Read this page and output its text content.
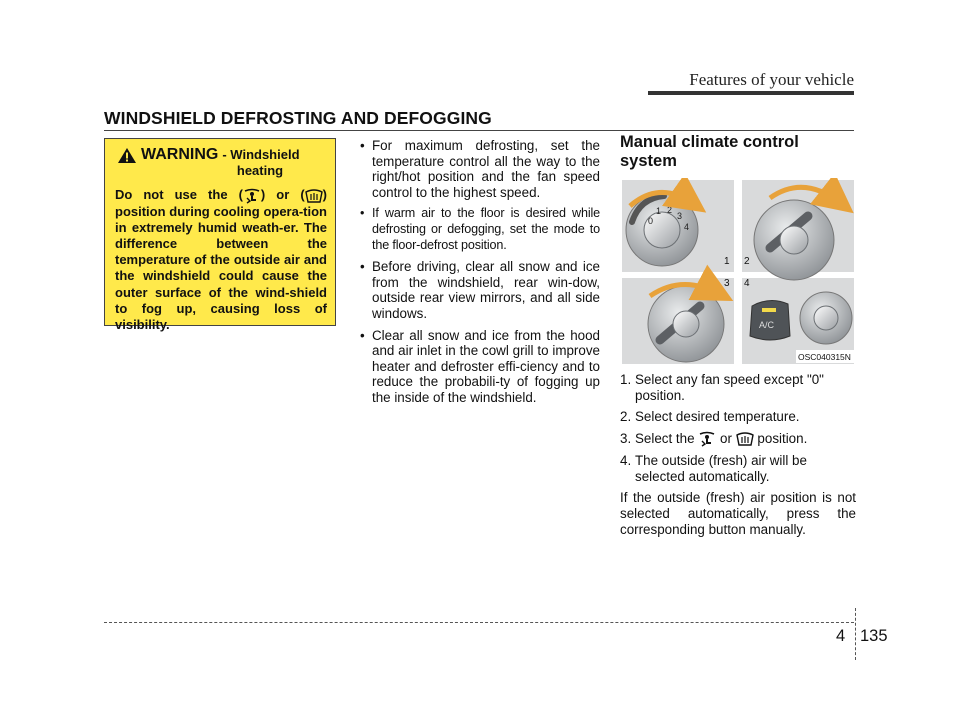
Features of your vehicle
WINDSHIELD DEFROSTING AND DEFOGGING
WARNING - Windshield
heating
Do not use the ( ) or ( ) position during cooling opera-tion in extremely humid weath-er. The difference between the temperature of the outside air and the windshield could cause the outer surface of the wind-shield to fog up, causing loss of visibility.
• For maximum defrosting, set the temperature control all the way to the right/hot position and the fan speed control to the highest speed.
• If warm air to the floor is desired while defrosting or defogging, set the mode to the floor-defrost position.
• Before driving, clear all snow and ice from the windshield, rear win-dow, outside rear view mirrors, and all side windows.
• Clear all snow and ice from the hood and air inlet in the cowl grill to improve heater and defroster effi-ciency and to reduce the probabili-ty of fogging up the inside of the windshield.
Manual climate control system
0
1 2
3
4
A/C
1 2
3 4
OSC040315N
1. Select any fan speed except "0" position.
2. Select desired temperature.
3. Select the or position.
4. The outside (fresh) air will be selected automatically.

If the outside (fresh) air position is not selected automatically, press the corresponding button manually.

4 135
